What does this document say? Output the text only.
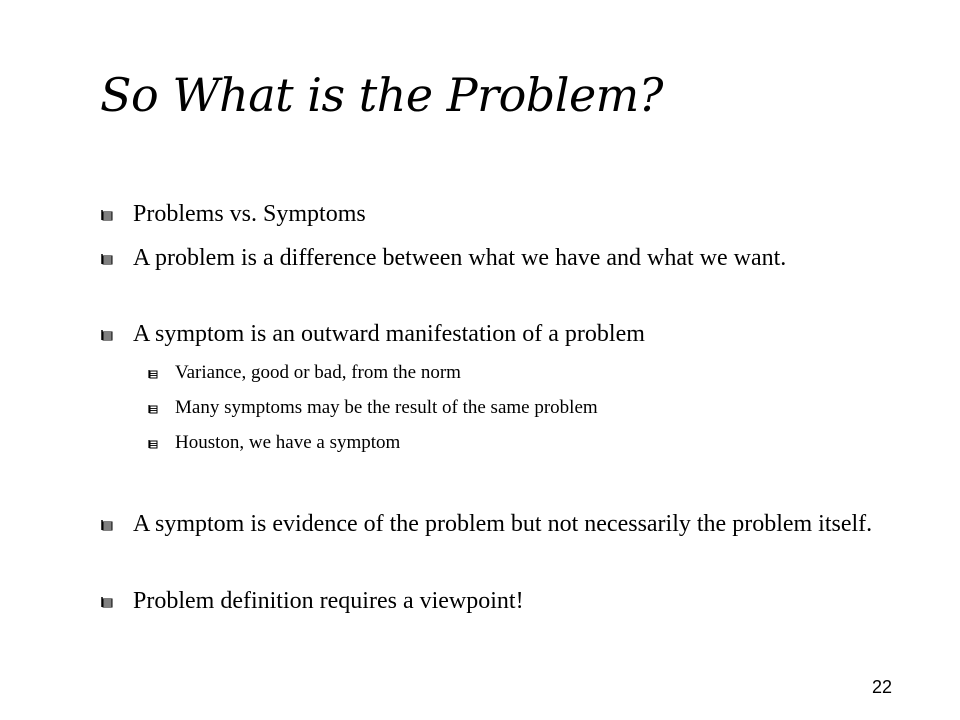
So What is the Problem?
Problems vs. Symptoms
A problem is a difference between what we have and what we want.
A symptom is an outward manifestation of a problem
Variance, good or bad, from the norm
Many symptoms may be the result of the same problem
Houston, we have a symptom
A symptom is evidence of the problem but not necessarily the problem itself.
Problem definition requires a viewpoint!
22
